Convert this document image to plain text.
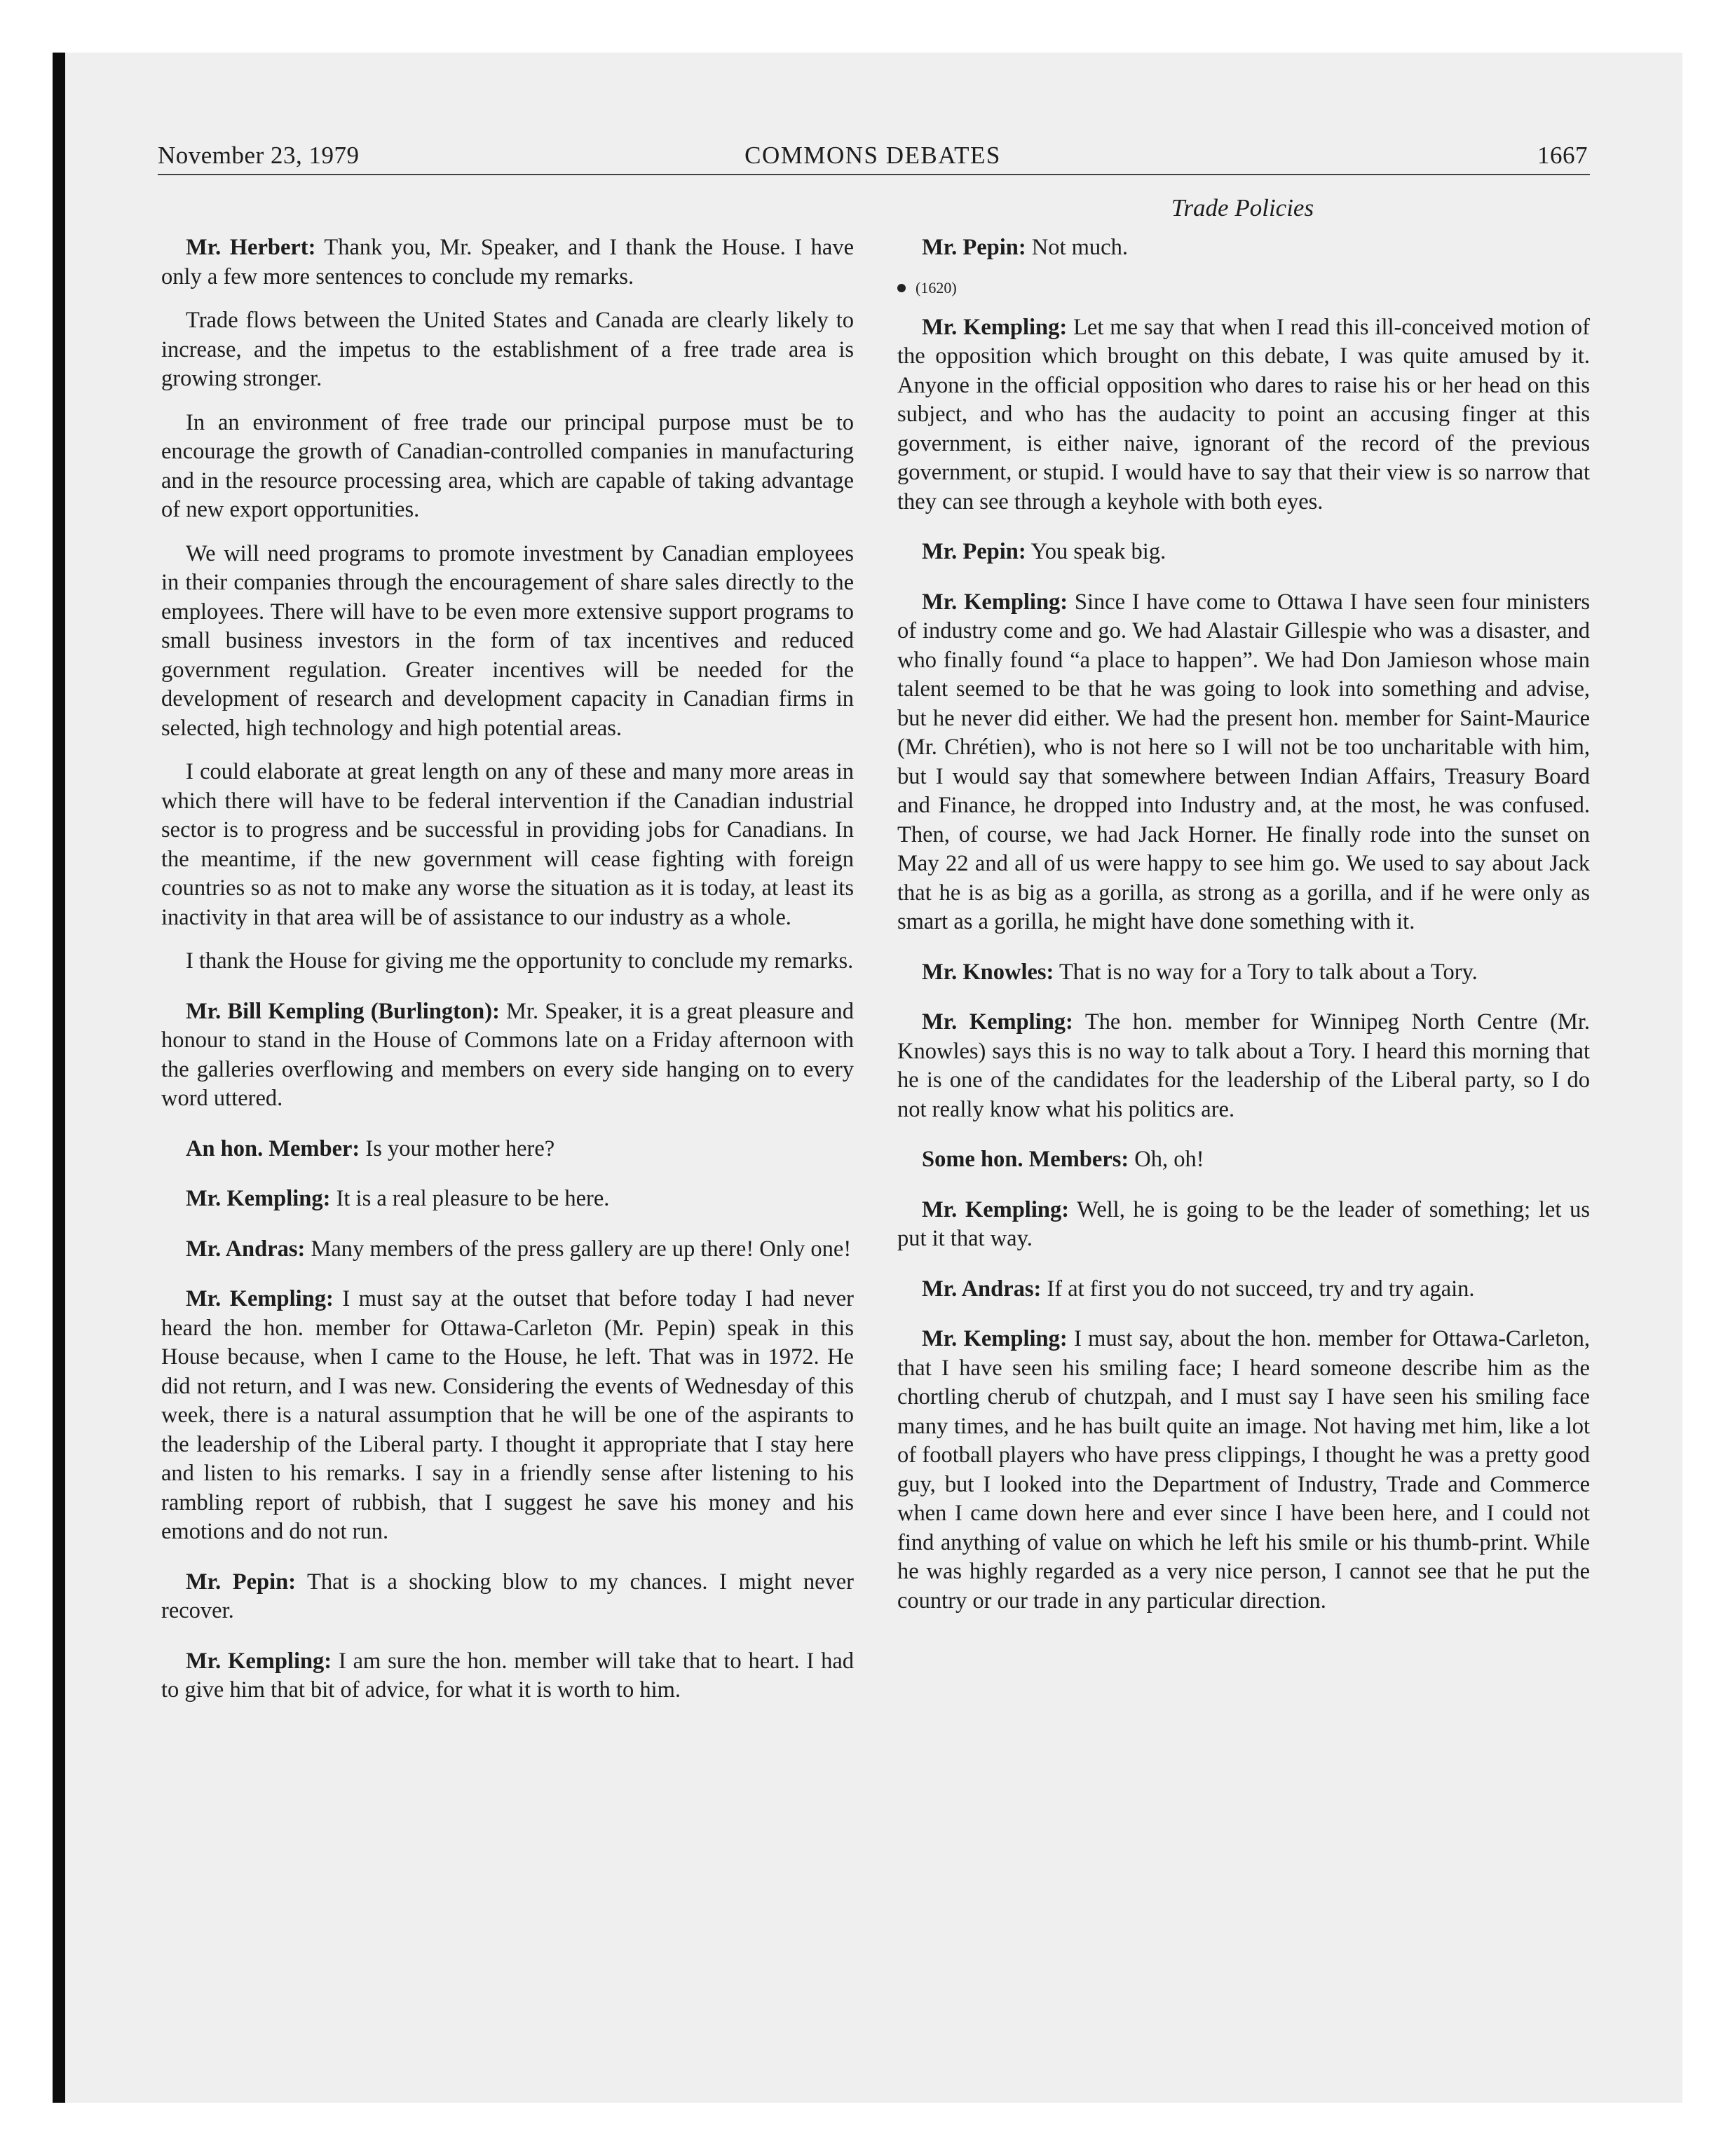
November 23, 1979	COMMONS DEBATES	1667
Trade Policies

Mr. Herbert: Thank you, Mr. Speaker, and I thank the House. I have only a few more sentences to conclude my remarks.

Trade flows between the United States and Canada are clearly likely to increase, and the impetus to the establishment of a free trade area is growing stronger.

In an environment of free trade our principal purpose must be to encourage the growth of Canadian-controlled companies in manufacturing and in the resource processing area, which are capable of taking advantage of new export opportunities.

We will need programs to promote investment by Canadian employees in their companies through the encouragement of share sales directly to the employees. There will have to be even more extensive support programs to small business investors in the form of tax incentives and reduced government regulation. Greater incentives will be needed for the development of research and development capacity in Canadian firms in selected, high technology and high potential areas.

I could elaborate at great length on any of these and many more areas in which there will have to be federal intervention if the Canadian industrial sector is to progress and be successful in providing jobs for Canadians. In the meantime, if the new government will cease fighting with foreign countries so as not to make any worse the situation as it is today, at least its inactivity in that area will be of assistance to our industry as a whole.

I thank the House for giving me the opportunity to conclude my remarks.

Mr. Bill Kempling (Burlington): Mr. Speaker, it is a great pleasure and honour to stand in the House of Commons late on a Friday afternoon with the galleries overflowing and members on every side hanging on to every word uttered.

An hon. Member: Is your mother here?

Mr. Kempling: It is a real pleasure to be here.

Mr. Andras: Many members of the press gallery are up there! Only one!

Mr. Kempling: I must say at the outset that before today I had never heard the hon. member for Ottawa-Carleton (Mr. Pepin) speak in this House because, when I came to the House, he left. That was in 1972. He did not return, and I was new. Considering the events of Wednesday of this week, there is a natural assumption that he will be one of the aspirants to the leadership of the Liberal party. I thought it appropriate that I stay here and listen to his remarks. I say in a friendly sense after listening to his rambling report of rubbish, that I suggest he save his money and his emotions and do not run.

Mr. Pepin: That is a shocking blow to my chances. I might never recover.

Mr. Kempling: I am sure the hon. member will take that to heart. I had to give him that bit of advice, for what it is worth to him.

Mr. Pepin: Not much.

(1620)

Mr. Kempling: Let me say that when I read this ill-conceived motion of the opposition which brought on this debate, I was quite amused by it. Anyone in the official opposition who dares to raise his or her head on this subject, and who has the audacity to point an accusing finger at this government, is either naive, ignorant of the record of the previous government, or stupid. I would have to say that their view is so narrow that they can see through a keyhole with both eyes.

Mr. Pepin: You speak big.

Mr. Kempling: Since I have come to Ottawa I have seen four ministers of industry come and go. We had Alastair Gillespie who was a disaster, and who finally found “a place to happen”. We had Don Jamieson whose main talent seemed to be that he was going to look into something and advise, but he never did either. We had the present hon. member for Saint-Maurice (Mr. Chrétien), who is not here so I will not be too uncharitable with him, but I would say that somewhere between Indian Affairs, Treasury Board and Finance, he dropped into Industry and, at the most, he was confused. Then, of course, we had Jack Horner. He finally rode into the sunset on May 22 and all of us were happy to see him go. We used to say about Jack that he is as big as a gorilla, as strong as a gorilla, and if he were only as smart as a gorilla, he might have done something with it.

Mr. Knowles: That is no way for a Tory to talk about a Tory.

Mr. Kempling: The hon. member for Winnipeg North Centre (Mr. Knowles) says this is no way to talk about a Tory. I heard this morning that he is one of the candidates for the leadership of the Liberal party, so I do not really know what his politics are.

Some hon. Members: Oh, oh!

Mr. Kempling: Well, he is going to be the leader of something; let us put it that way.

Mr. Andras: If at first you do not succeed, try and try again.

Mr. Kempling: I must say, about the hon. member for Ottawa-Carleton, that I have seen his smiling face; I heard someone describe him as the chortling cherub of chutzpah, and I must say I have seen his smiling face many times, and he has built quite an image. Not having met him, like a lot of football players who have press clippings, I thought he was a pretty good guy, but I looked into the Department of Industry, Trade and Commerce when I came down here and ever since I have been here, and I could not find anything of value on which he left his smile or his thumb-print. While he was highly regarded as a very nice person, I cannot see that he put the country or our trade in any particular direction.
